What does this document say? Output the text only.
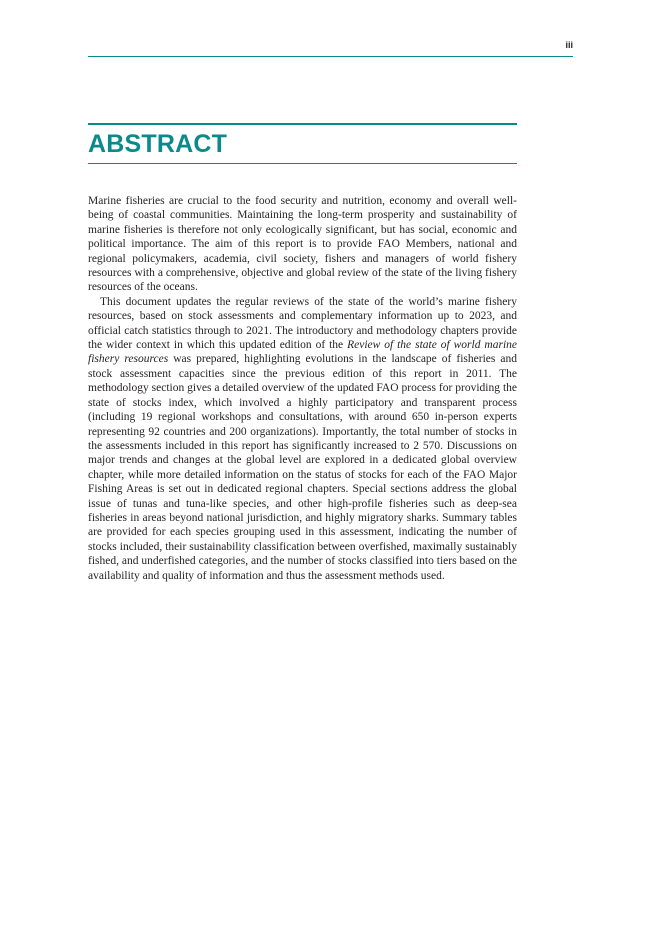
iii
ABSTRACT

Marine fisheries are crucial to the food security and nutrition, economy and overall well-being of coastal communities. Maintaining the long-term prosperity and sustainability of marine fisheries is therefore not only ecologically significant, but has social, economic and political importance. The aim of this report is to provide FAO Members, national and regional policymakers, academia, civil society, fishers and managers of world fishery resources with a comprehensive, objective and global review of the state of the living fishery resources of the oceans.

This document updates the regular reviews of the state of the world’s marine fishery resources, based on stock assessments and complementary information up to 2023, and official catch statistics through to 2021. The introductory and methodology chapters provide the wider context in which this updated edition of the Review of the state of world marine fishery resources was prepared, highlighting evolutions in the landscape of fisheries and stock assessment capacities since the previous edition of this report in 2011. The methodology section gives a detailed overview of the updated FAO process for providing the state of stocks index, which involved a highly participatory and transparent process (including 19 regional workshops and consultations, with around 650 in-person experts representing 92 countries and 200 organizations). Importantly, the total number of stocks in the assessments included in this report has significantly increased to 2 570. Discussions on major trends and changes at the global level are explored in a dedicated global overview chapter, while more detailed information on the status of stocks for each of the FAO Major Fishing Areas is set out in dedicated regional chapters. Special sections address the global issue of tunas and tuna-like species, and other high-profile fisheries such as deep-sea fisheries in areas beyond national jurisdiction, and highly migratory sharks. Summary tables are provided for each species grouping used in this assessment, indicating the number of stocks included, their sustainability classification between overfished, maximally sustainably fished, and underfished categories, and the number of stocks classified into tiers based on the availability and quality of information and thus the assessment methods used.
